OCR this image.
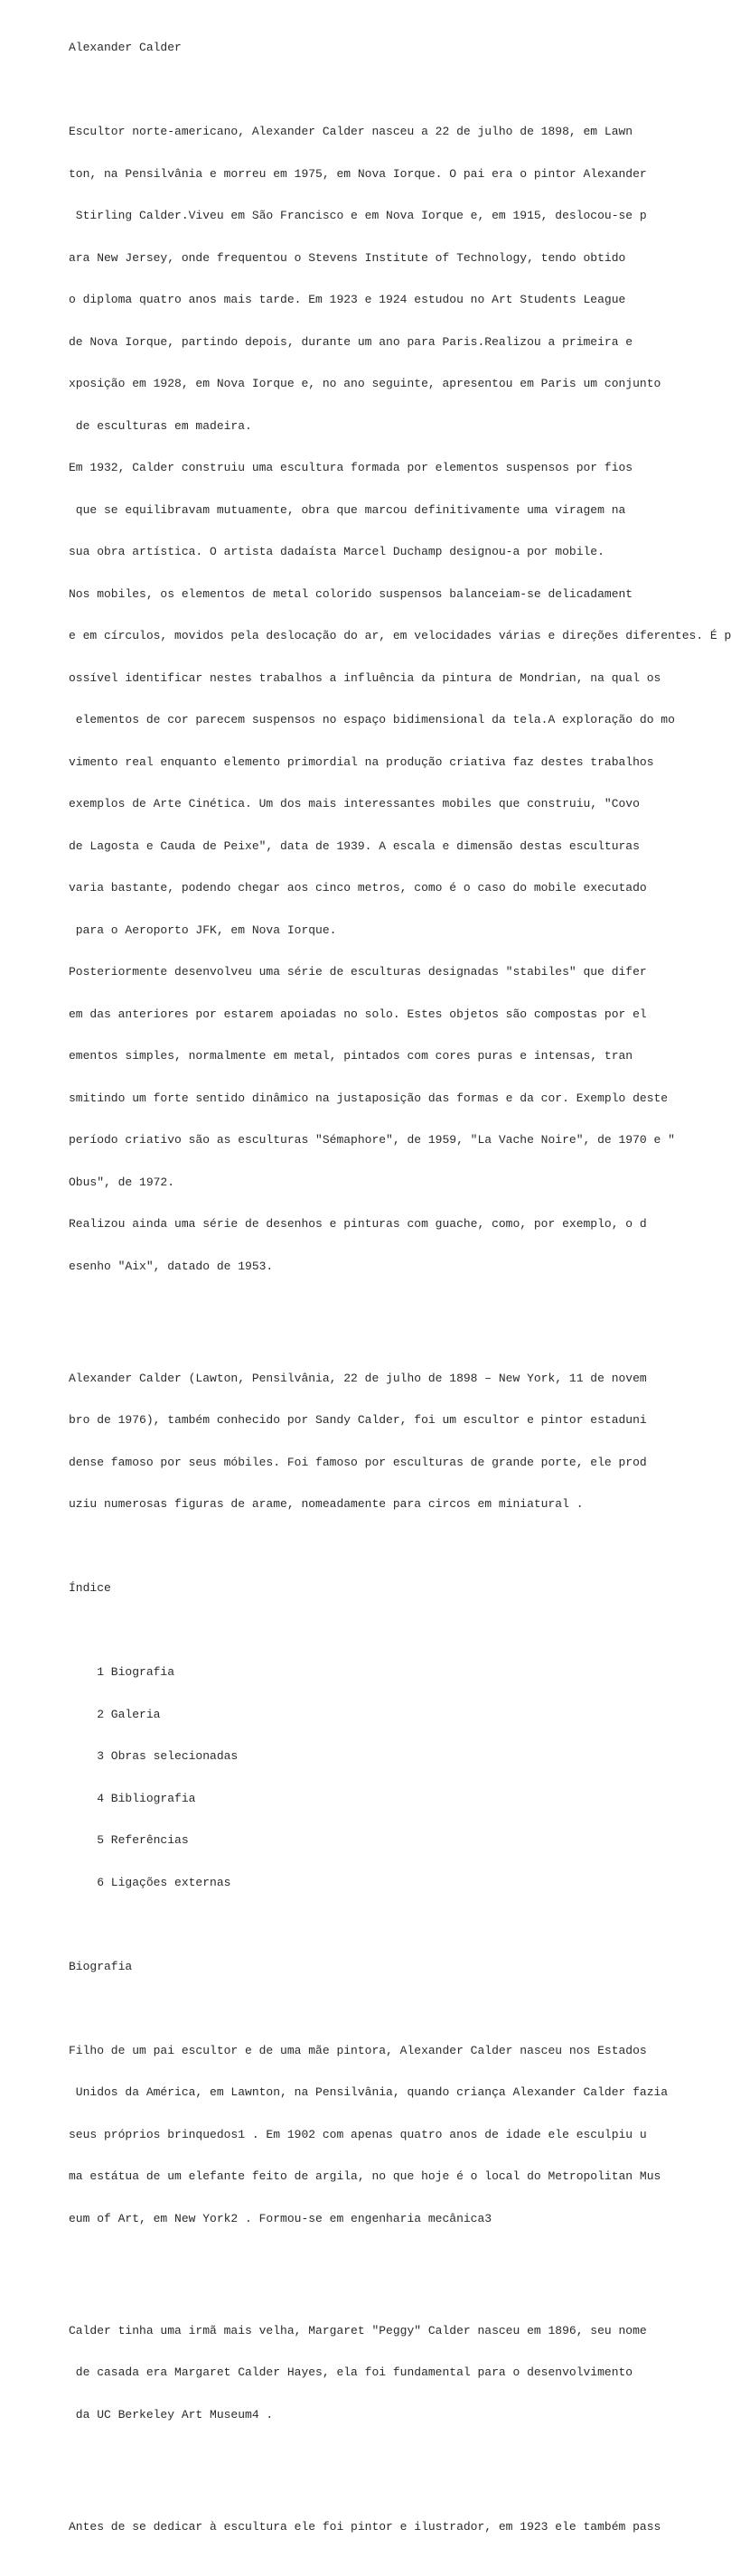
Alexander Calder

Escultor norte-americano, Alexander Calder nasceu a 22 de julho de 1898, em Lawn

ton, na Pensilvânia e morreu em 1975, em Nova Iorque. O pai era o pintor Alexander

Stirling Calder.Viveu em São Francisco e em Nova Iorque e, em 1915, deslocou-se p

ara New Jersey, onde frequentou o Stevens Institute of Technology, tendo obtido

o diploma quatro anos mais tarde. Em 1923 e 1924 estudou no Art Students League

de Nova Iorque, partindo depois, durante um ano para Paris.Realizou a primeira e

xposição em 1928, em Nova Iorque e, no ano seguinte, apresentou em Paris um conjunto

de esculturas em madeira.

Em 1932, Calder construiu uma escultura formada por elementos suspensos por fios

que se equilibravam mutuamente, obra que marcou definitivamente uma viragem na

sua obra artística. O artista dadaísta Marcel Duchamp designou-a por mobile.

Nos mobiles, os elementos de metal colorido suspensos balanceiam-se delicadament

e em círculos, movidos pela deslocação do ar, em velocidades várias e direções diferentes. É p

ossível identificar nestes trabalhos a influência da pintura de Mondrian, na qual os

elementos de cor parecem suspensos no espaço bidimensional da tela.A exploração do mo

vimento real enquanto elemento primordial na produção criativa faz destes trabalhos

exemplos de Arte Cinética. Um dos mais interessantes mobiles que construiu, "Covo

de Lagosta e Cauda de Peixe", data de 1939. A escala e dimensão destas esculturas

varia bastante, podendo chegar aos cinco metros, como é o caso do mobile executado

para o Aeroporto JFK, em Nova Iorque.

Posteriormente desenvolveu uma série de esculturas designadas "stabiles" que difer

em das anteriores por estarem apoiadas no solo. Estes objetos são compostas por el

ementos simples, normalmente em metal, pintados com cores puras e intensas, tran

smitindo um forte sentido dinâmico na justaposição das formas e da cor. Exemplo deste

período criativo são as esculturas "Sémaphore", de 1959, "La Vache Noire", de 1970 e "

Obus", de 1972.

Realizou ainda uma série de desenhos e pinturas com guache, como, por exemplo, o d

esenho "Aix", datado de 1953.

Alexander Calder (Lawton, Pensilvânia, 22 de julho de 1898 – New York, 11 de novem

bro de 1976), também conhecido por Sandy Calder, foi um escultor e pintor estaduni

dense famoso por seus móbiles. Foi famoso por esculturas de grande porte, ele prod

uziu numerosas figuras de arame, nomeadamente para circos em miniatural .

Índice

1 Biografia

2 Galeria

3 Obras selecionadas

4 Bibliografia

5 Referências

6 Ligações externas

Biografia

Filho de um pai escultor e de uma mãe pintora, Alexander Calder nasceu nos Estados

Unidos da América, em Lawnton, na Pensilvânia, quando criança Alexander Calder fazia

seus próprios brinquedos1 . Em 1902 com apenas quatro anos de idade ele esculpiu u

ma estátua de um elefante feito de argila, no que hoje é o local do Metropolitan Mus

eum of Art, em New York2 . Formou-se em engenharia mecânica3

Calder tinha uma irmã mais velha, Margaret "Peggy" Calder nasceu em 1896, seu nome

de casada era Margaret Calder Hayes, ela foi fundamental para o desenvolvimento

da UC Berkeley Art Museum4 .

Antes de se dedicar à escultura ele foi pintor e ilustrador, em 1923 ele também pass
